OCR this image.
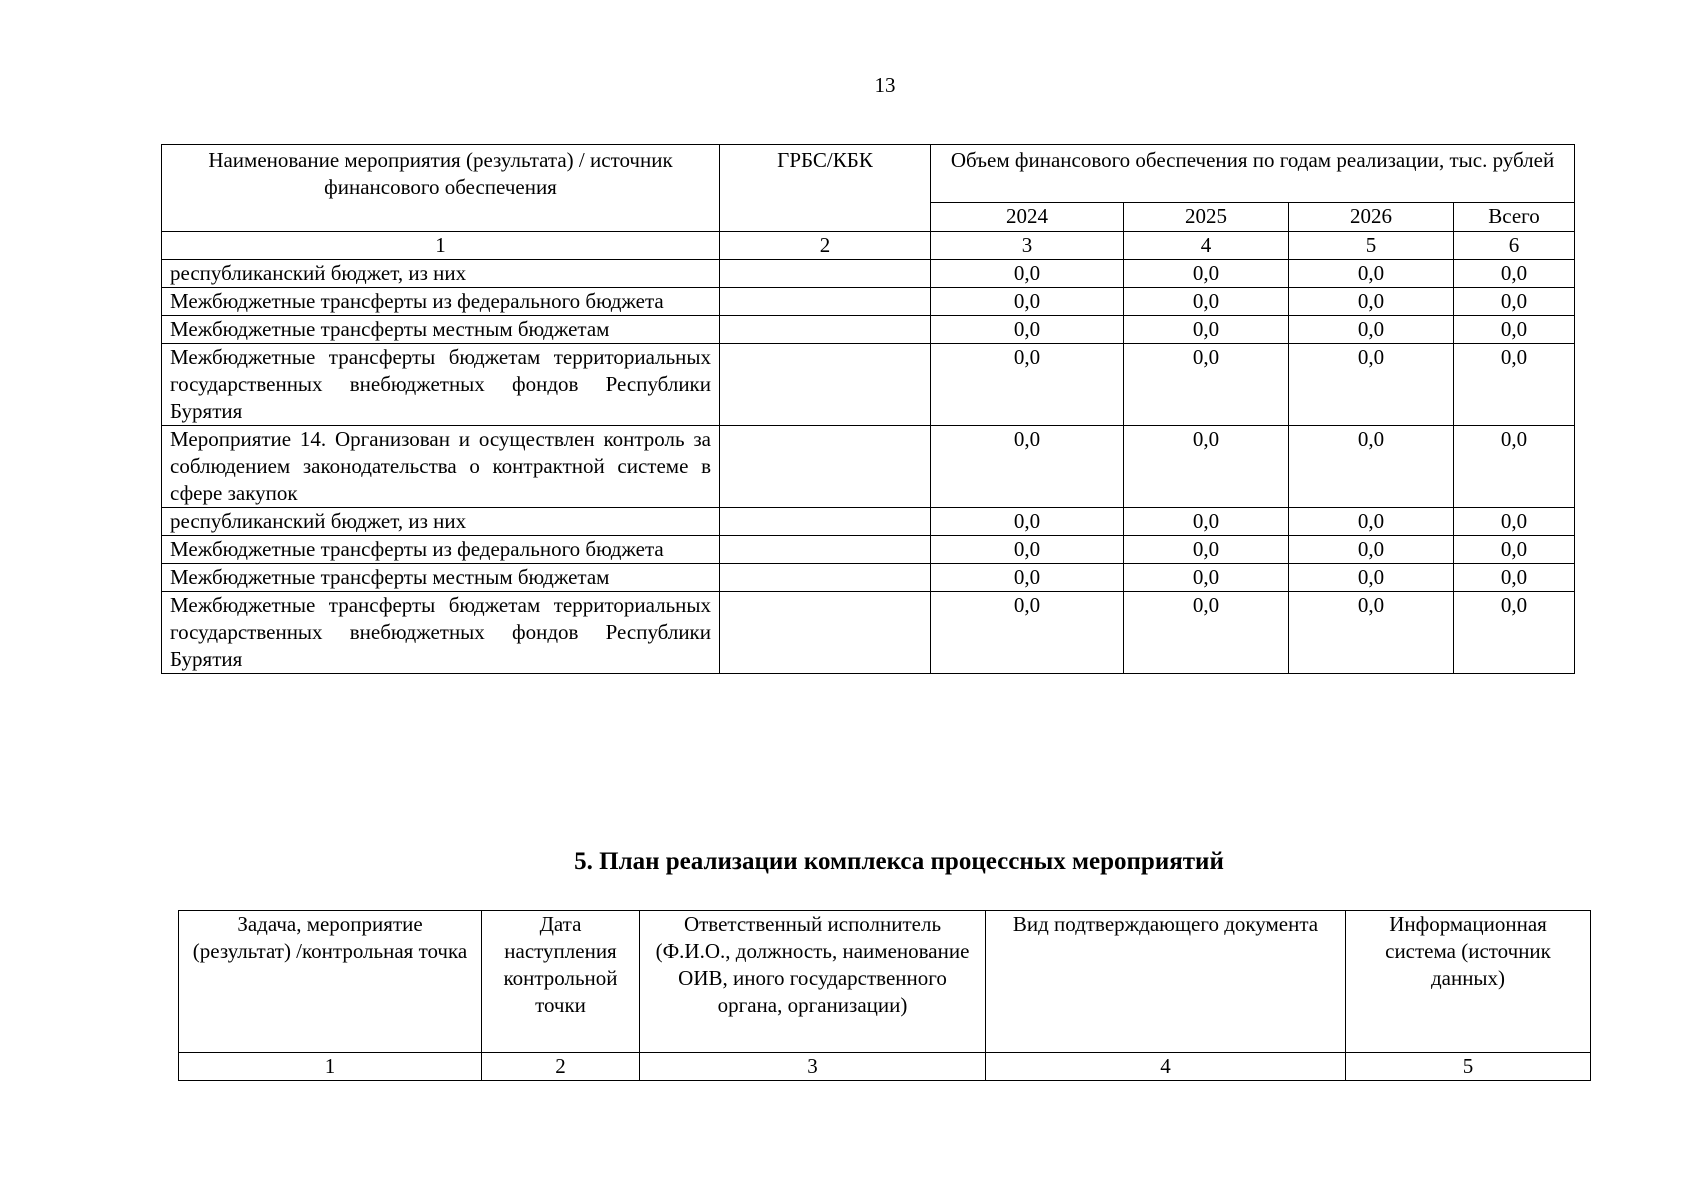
13
Наименование мероприятия (результата) / источник финансового обеспечения	ГРБС/КБК	Объем финансового обеспечения по годам реализации, тыс. рублей			
		2024	2025	2026	Всего
1	2	3	4	5	6
республиканский бюджет, из них		0,0	0,0	0,0	0,0
Межбюджетные трансферты из федерального бюджета		0,0	0,0	0,0	0,0
Межбюджетные трансферты местным бюджетам		0,0	0,0	0,0	0,0
Межбюджетные трансферты бюджетам территориальных государственных внебюджетных фондов Республики Бурятия		0,0	0,0	0,0	0,0
Мероприятие 14. Организован и осуществлен контроль за соблюдением законодательства о контрактной системе в сфере закупок		0,0	0,0	0,0	0,0
республиканский бюджет, из них		0,0	0,0	0,0	0,0
Межбюджетные трансферты из федерального бюджета		0,0	0,0	0,0	0,0
Межбюджетные трансферты местным бюджетам		0,0	0,0	0,0	0,0
Межбюджетные трансферты бюджетам территориальных государственных внебюджетных фондов Республики Бурятия		0,0	0,0	0,0	0,0
5. План реализации комплекса процессных мероприятий
Задача, мероприятие (результат) /контрольная точка	Дата наступления контрольной точки	Ответственный исполнитель (Ф.И.О., должность, наименование ОИВ, иного государственного органа, организации)	Вид подтверждающего документа	Информационная система (источник данных)
1	2	3	4	5
